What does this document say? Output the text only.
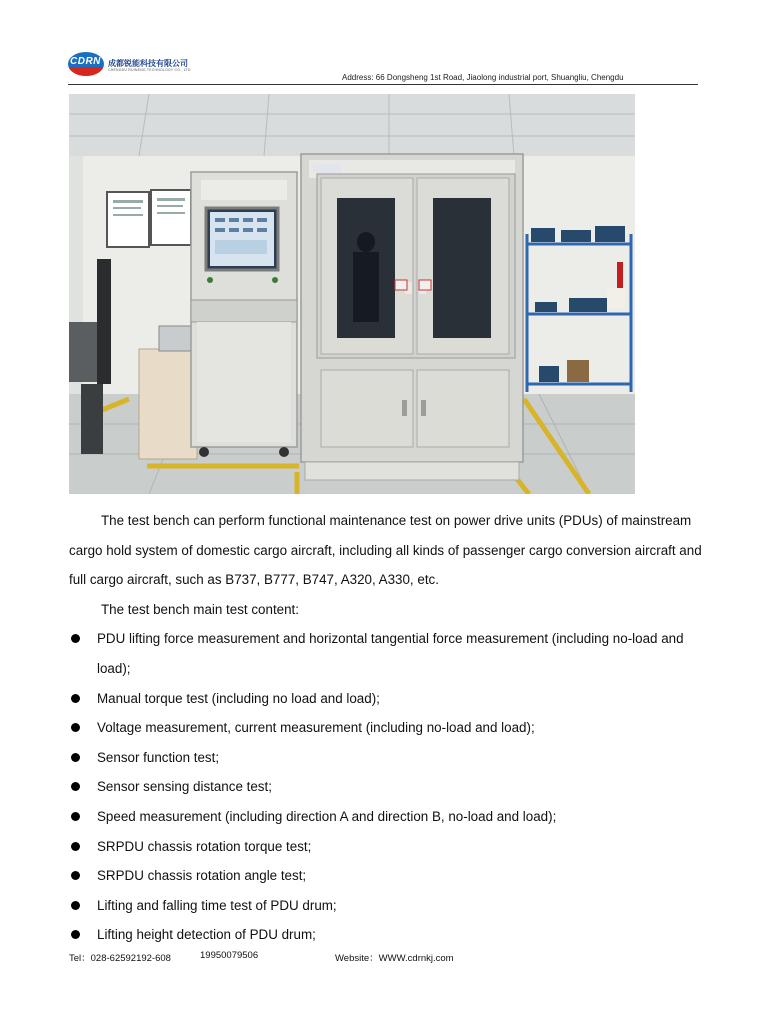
CDRN 成都锐能科技有限公司
CHENGDU RUINENG TECHNOLOGY CO., LTD
Address: 66 Dongsheng 1st Road, Jiaolong industrial port, Shuangliu, Chengdu

The test bench can perform functional maintenance test on power drive units (PDUs) of mainstream cargo hold system of domestic cargo aircraft, including all kinds of passenger cargo conversion aircraft and full cargo aircraft, such as B737, B777, B747, A320, A330, etc.

The test bench main test content:

PDU lifting force measurement and horizontal tangential force measurement (including no-load and load);
Manual torque test (including no load and load);
Voltage measurement, current measurement (including no-load and load);
Sensor function test;
Sensor sensing distance test;
Speed measurement (including direction A and direction B, no-load and load);
SRPDU chassis rotation torque test;
SRPDU chassis rotation angle test;
Lifting and falling time test of PDU drum;
Lifting height detection of PDU drum;
Tel：028-62592192-608	19950079506	Website：WWW.cdrnkj.com
